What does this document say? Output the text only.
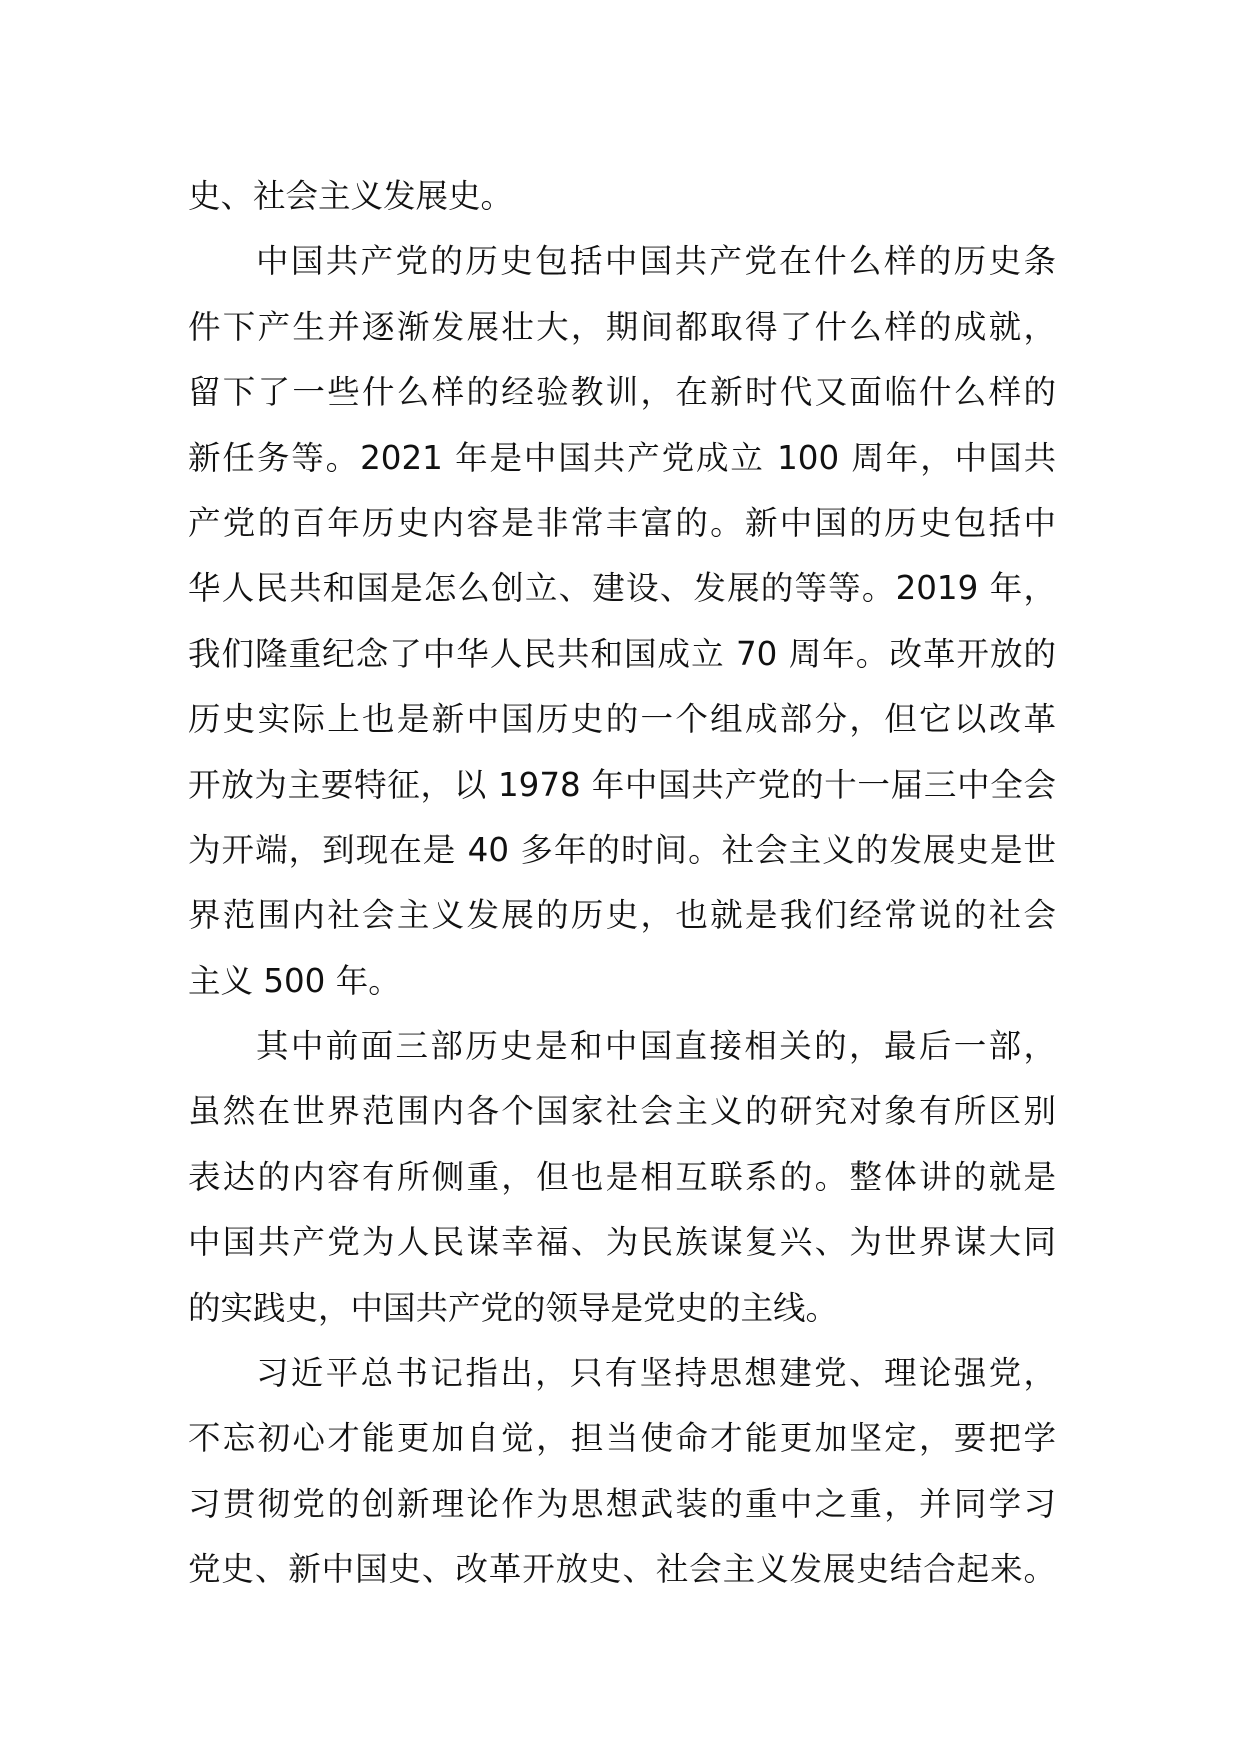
史、社会主义发展史。
中国共产党的历史包括中国共产党在什么样的历史条
件下产生并逐渐发展壮大，期间都取得了什么样的成就，
留下了一些什么样的经验教训，在新时代又面临什么样的
新任务等。2021 年是中国共产党成立 100 周年，中国共
产党的百年历史内容是非常丰富的。新中国的历史包括中
华人民共和国是怎么创立、建设、发展的等等。2019 年，
我们隆重纪念了中华人民共和国成立 70 周年。改革开放的
历史实际上也是新中国历史的一个组成部分，但它以改革
开放为主要特征，以 1978 年中国共产党的十一届三中全会
为开端，到现在是 40 多年的时间。社会主义的发展史是世
界范围内社会主义发展的历史，也就是我们经常说的社会
主义 500 年。
其中前面三部历史是和中国直接相关的，最后一部，
虽然在世界范围内各个国家社会主义的研究对象有所区别
表达的内容有所侧重，但也是相互联系的。整体讲的就是
中国共产党为人民谋幸福、为民族谋复兴、为世界谋大同
的实践史，中国共产党的领导是党史的主线。
习近平总书记指出，只有坚持思想建党、理论强党，
不忘初心才能更加自觉，担当使命才能更加坚定，要把学
习贯彻党的创新理论作为思想武装的重中之重，并同学习
党史、新中国史、改革开放史、社会主义发展史结合起来。
